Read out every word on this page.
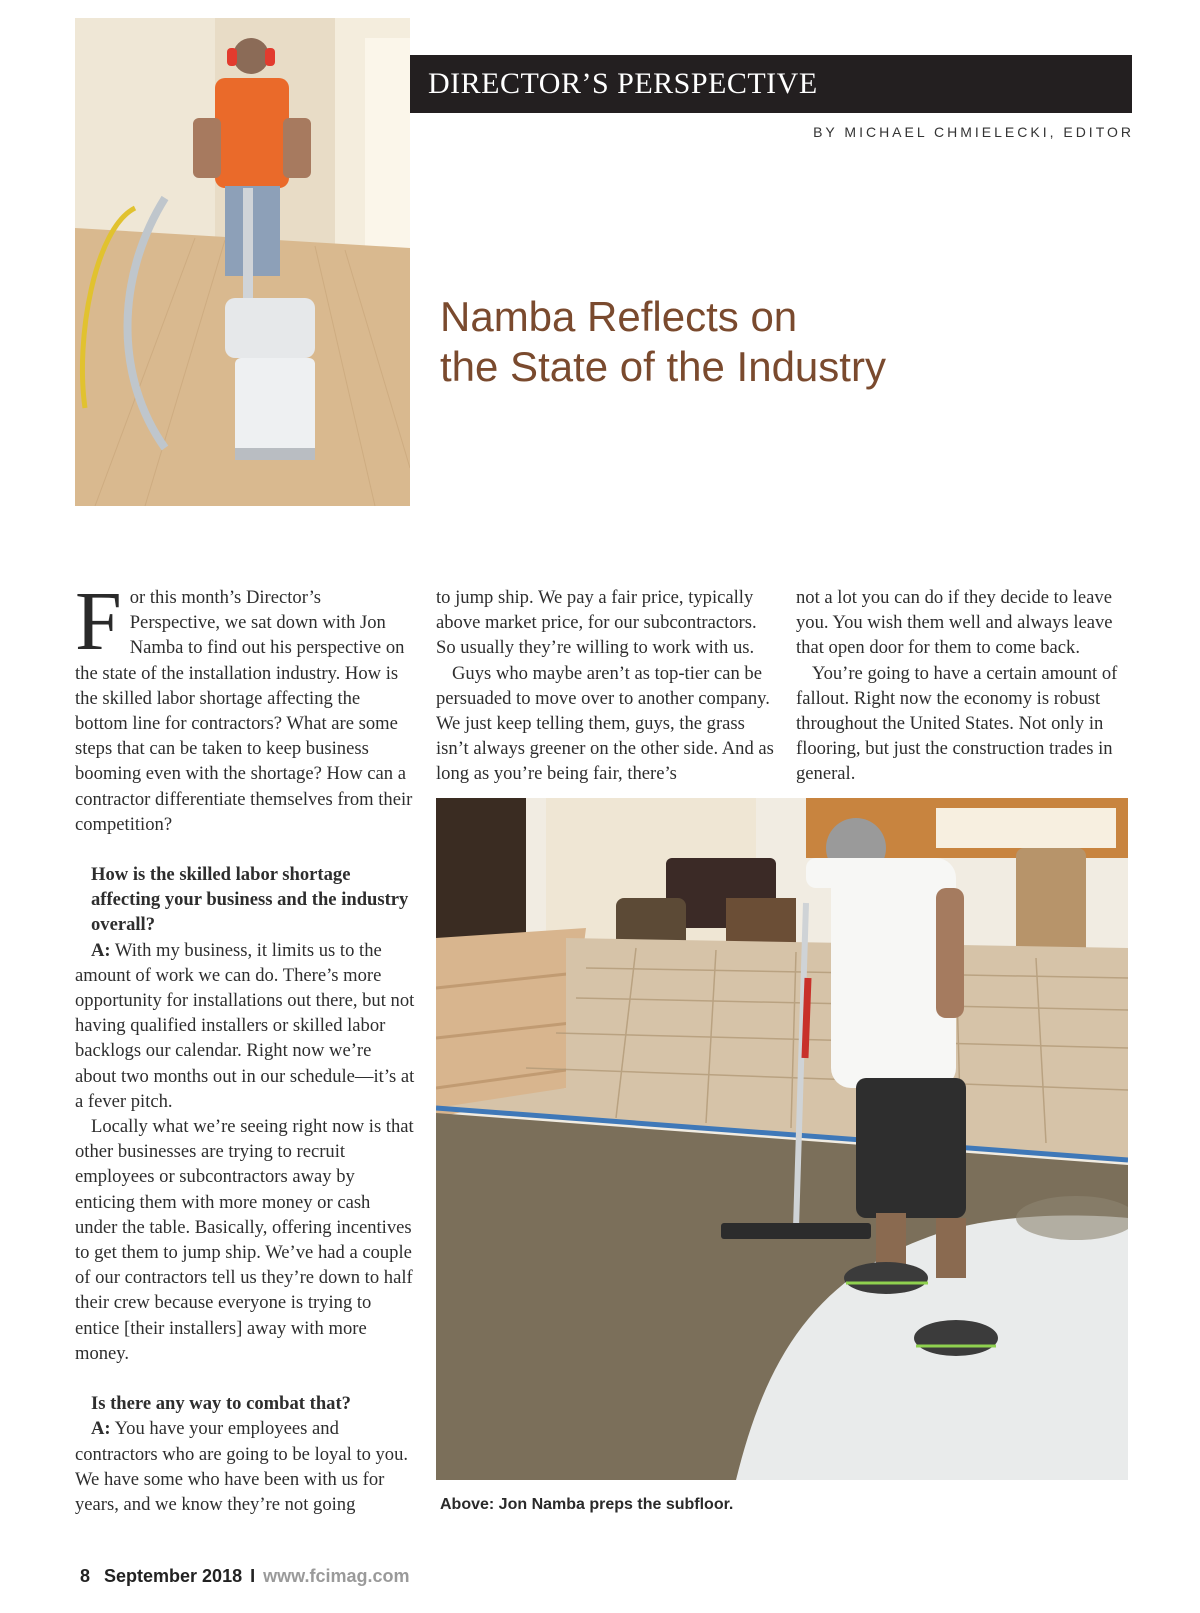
DIRECTOR’S PERSPECTIVE
BY MICHAEL CHMIELECKI, EDITOR
Namba Reflects on
the State of the Industry

For this month’s Director’s Perspective, we sat down with Jon Namba to find out his perspective on the state of the installation industry. How is the skilled labor shortage affecting the bottom line for contractors? What are some steps that can be taken to keep business booming even with the shortage? How can a contractor differentiate themselves from their competition?

How is the skilled labor shortage affecting your business and the industry overall?

A: With my business, it limits us to the amount of work we can do. There’s more opportunity for installations out there, but not having qualified installers or skilled labor backlogs our calendar. Right now we’re about two months out in our schedule—it’s at a fever pitch.

Locally what we’re seeing right now is that other businesses are trying to recruit employees or subcontractors away by enticing them with more money or cash under the table. Basically, offering incentives to get them to jump ship. We’ve had a couple of our contractors tell us they’re down to half their crew because everyone is trying to entice [their installers] away with more money.

Is there any way to combat that?

A: You have your employees and contractors who are going to be loyal to you. We have some who have been with us for years, and we know they’re not going

to jump ship. We pay a fair price, typically above market price, for our subcontractors. So usually they’re willing to work with us.

Guys who maybe aren’t as top-tier can be persuaded to move over to another company. We just keep telling them, guys, the grass isn’t always greener on the other side. And as long as you’re being fair, there’s

not a lot you can do if they decide to leave you. You wish them well and always leave that open door for them to come back.

You’re going to have a certain amount of fallout. Right now the economy is robust throughout the United States. Not only in flooring, but just the construction trades in general.

Above: Jon Namba preps the subfloor.
8 September 2018 I www.fcimag.com
